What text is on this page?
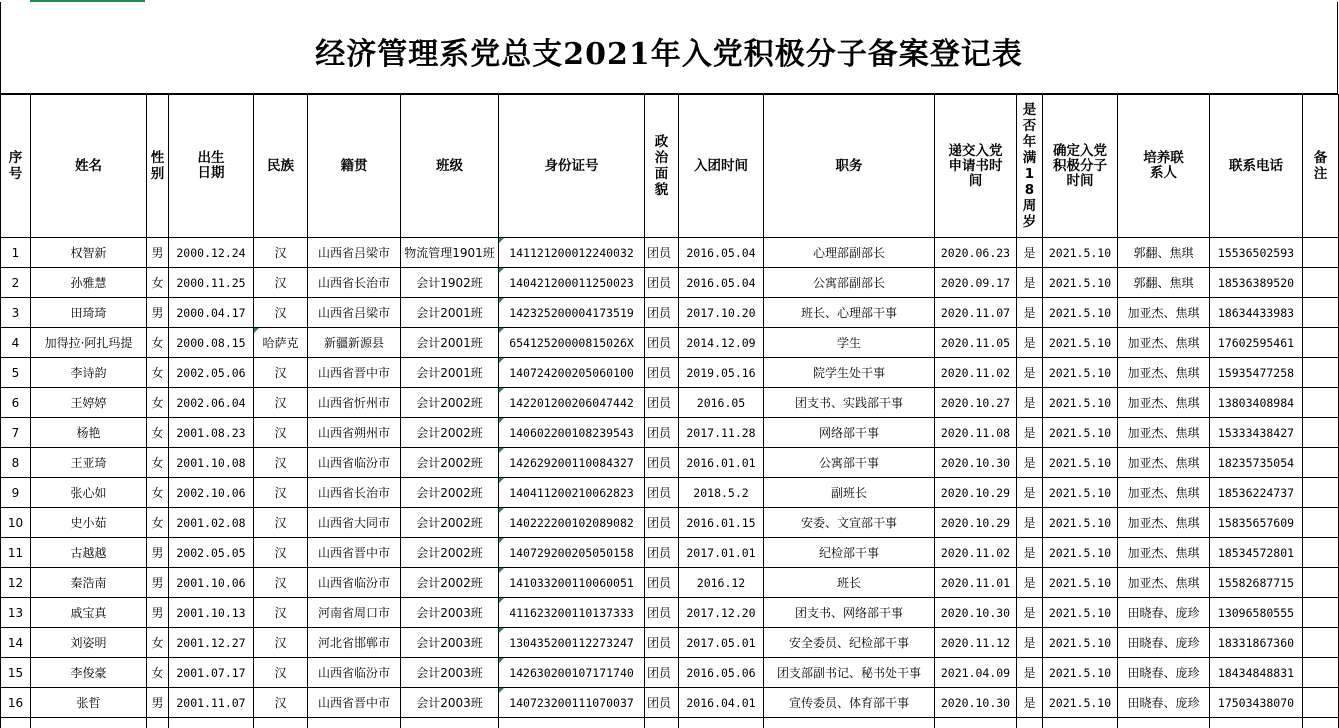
经济管理系党总支2021年入党积极分子备案登记表
序号	姓名	性别	出生日期	民族	籍贯	班级	身份证号	政治面貌	入团时间	职务	递交入党申请书时间	是否年满18周岁	确定入党积极分子时间	培养联系人	联系电话	备注
1	权智新	男	2000.12.24	汉	山西省吕梁市	物流管理1901班	141121200012240032	团员	2016.05.04	心理部副部长	2020.06.23	是	2021.5.10	郭翻、焦琪	15536502593	
2	孙雅慧	女	2000.11.25	汉	山西省长治市	会计1902班	140421200011250023	团员	2016.05.04	公寓部副部长	2020.09.17	是	2021.5.10	郭翻、焦琪	18536389520	
3	田琦琦	男	2000.04.17	汉	山西省吕梁市	会计2001班	142325200004173519	团员	2017.10.20	班长、心理部干事	2020.11.07	是	2021.5.10	加亚杰、焦琪	18634433983	
4	加得拉·阿扎玛提	女	2000.08.15	哈萨克	新疆新源县	会计2001班	65412520000815026X	团员	2014.12.09	学生	2020.11.05	是	2021.5.10	加亚杰、焦琪	17602595461	
5	李诗韵	女	2002.05.06	汉	山西省晋中市	会计2001班	140724200205060100	团员	2019.05.16	院学生处干事	2020.11.02	是	2021.5.10	加亚杰、焦琪	15935477258	
6	王婷婷	女	2002.06.04	汉	山西省忻州市	会计2002班	142201200206047442	团员	2016.05	团支书、实践部干事	2020.10.27	是	2021.5.10	加亚杰、焦琪	13803408984	
7	杨艳	女	2001.08.23	汉	山西省朔州市	会计2002班	140602200108239543	团员	2017.11.28	网络部干事	2020.11.08	是	2021.5.10	加亚杰、焦琪	15333438427	
8	王亚琦	女	2001.10.08	汉	山西省临汾市	会计2002班	142629200110084327	团员	2016.01.01	公寓部干事	2020.10.30	是	2021.5.10	加亚杰、焦琪	18235735054	
9	张心如	女	2002.10.06	汉	山西省长治市	会计2002班	140411200210062823	团员	2018.5.2	副班长	2020.10.29	是	2021.5.10	加亚杰、焦琪	18536224737	
10	史小茹	女	2001.02.08	汉	山西省大同市	会计2002班	140222200102089082	团员	2016.01.15	安委、文宣部干事	2020.10.29	是	2021.5.10	加亚杰、焦琪	15835657609	
11	古越越	男	2002.05.05	汉	山西省晋中市	会计2002班	140729200205050158	团员	2017.01.01	纪检部干事	2020.11.02	是	2021.5.10	加亚杰、焦琪	18534572801	
12	秦浩南	男	2001.10.06	汉	山西省临汾市	会计2002班	141033200110060051	团员	2016.12	班长	2020.11.01	是	2021.5.10	加亚杰、焦琪	15582687715	
13	戚宝真	男	2001.10.13	汉	河南省周口市	会计2003班	411623200110137333	团员	2017.12.20	团支书、网络部干事	2020.10.30	是	2021.5.10	田晓春、庞珍	13096580555	
14	刘姿明	女	2001.12.27	汉	河北省邯郸市	会计2003班	130435200112273247	团员	2017.05.01	安全委员、纪检部干事	2020.11.12	是	2021.5.10	田晓春、庞珍	18331867360	
15	李俊豪	女	2001.07.17	汉	山西省临汾市	会计2003班	142630200107171740	团员	2016.05.06	团支部副书记、秘书处干事	2021.04.09	是	2021.5.10	田晓春、庞珍	18434848831	
16	张哲	男	2001.11.07	汉	山西省晋中市	会计2003班	140723200111070037	团员	2016.04.01	宣传委员、体育部干事	2020.10.30	是	2021.5.10	田晓春、庞珍	17503438070	
